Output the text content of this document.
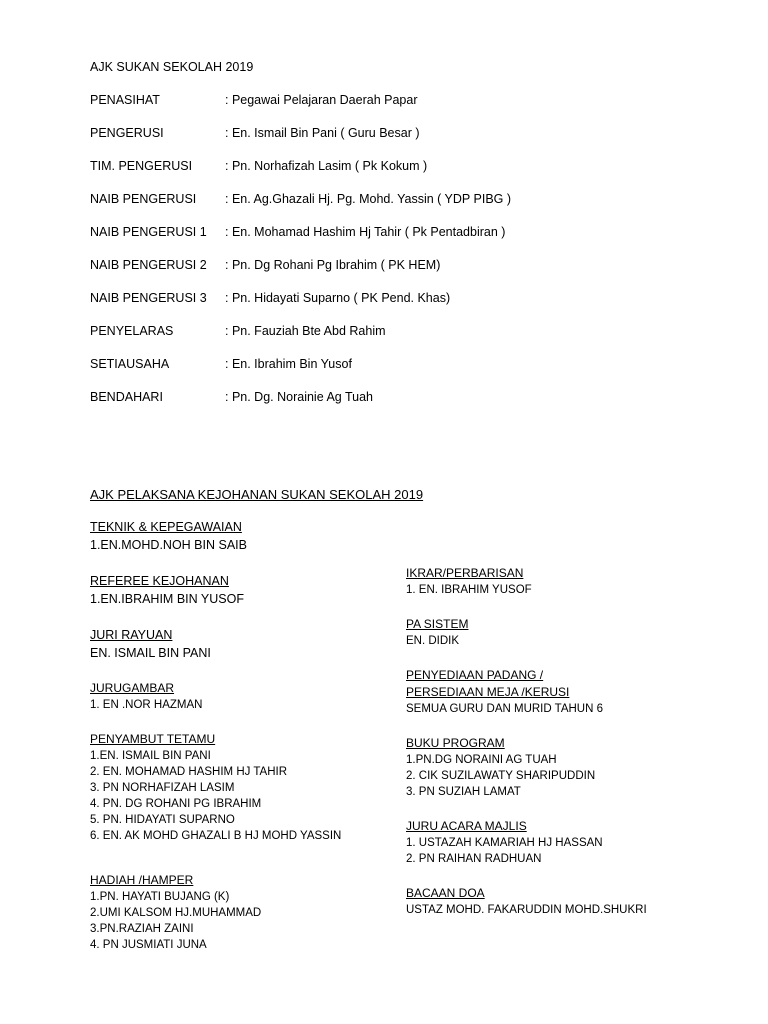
AJK SUKAN SEKOLAH 2019
PENASIHAT	: Pegawai Pelajaran Daerah Papar
PENGERUSI	: En. Ismail Bin Pani ( Guru Besar )
TIM. PENGERUSI	: Pn. Norhafizah Lasim ( Pk Kokum )
NAIB PENGERUSI	: En. Ag.Ghazali Hj. Pg. Mohd. Yassin ( YDP PIBG )
NAIB PENGERUSI 1	: En. Mohamad Hashim Hj Tahir ( Pk Pentadbiran )
NAIB PENGERUSI 2	: Pn. Dg Rohani Pg Ibrahim ( PK HEM)
NAIB PENGERUSI 3	: Pn. Hidayati Suparno ( PK Pend. Khas)
PENYELARAS	: Pn. Fauziah Bte Abd Rahim
SETIAUSAHA	: En. Ibrahim Bin Yusof
BENDAHARI	: Pn. Dg. Norainie Ag Tuah
AJK PELAKSANA KEJOHANAN SUKAN SEKOLAH 2019
TEKNIK & KEPEGAWAIAN
1.EN.MOHD.NOH BIN SAIB
REFEREE KEJOHANAN
1.EN.IBRAHIM BIN YUSOF
JURI RAYUAN
EN. ISMAIL BIN PANI
JURUGAMBAR
1. EN .NOR HAZMAN
PENYAMBUT TETAMU
1.EN. ISMAIL BIN PANI
2. EN. MOHAMAD HASHIM HJ TAHIR
3. PN NORHAFIZAH LASIM
4. PN. DG ROHANI PG IBRAHIM
5. PN. HIDAYATI SUPARNO
6. EN. AK MOHD GHAZALI B HJ MOHD YASSIN
HADIAH /HAMPER
1.PN. HAYATI BUJANG (K)
2.UMI KALSOM HJ.MUHAMMAD
3.PN.RAZIAH ZAINI
4. PN JUSMIATI JUNA
IKRAR/PERBARISAN
1. EN. IBRAHIM YUSOF
PA SISTEM
EN. DIDIK
PENYEDIAAN PADANG /
PERSEDIAAN MEJA /KERUSI
SEMUA GURU DAN MURID TAHUN 6
BUKU PROGRAM
1.PN.DG NORAINI AG TUAH
2. CIK SUZILAWATY SHARIPUDDIN
3. PN SUZIAH LAMAT
JURU ACARA MAJLIS
1. USTAZAH KAMARIAH HJ HASSAN
2. PN RAIHAN RADHUAN
BACAAN DOA
USTAZ MOHD. FAKARUDDIN MOHD.SHUKRI
